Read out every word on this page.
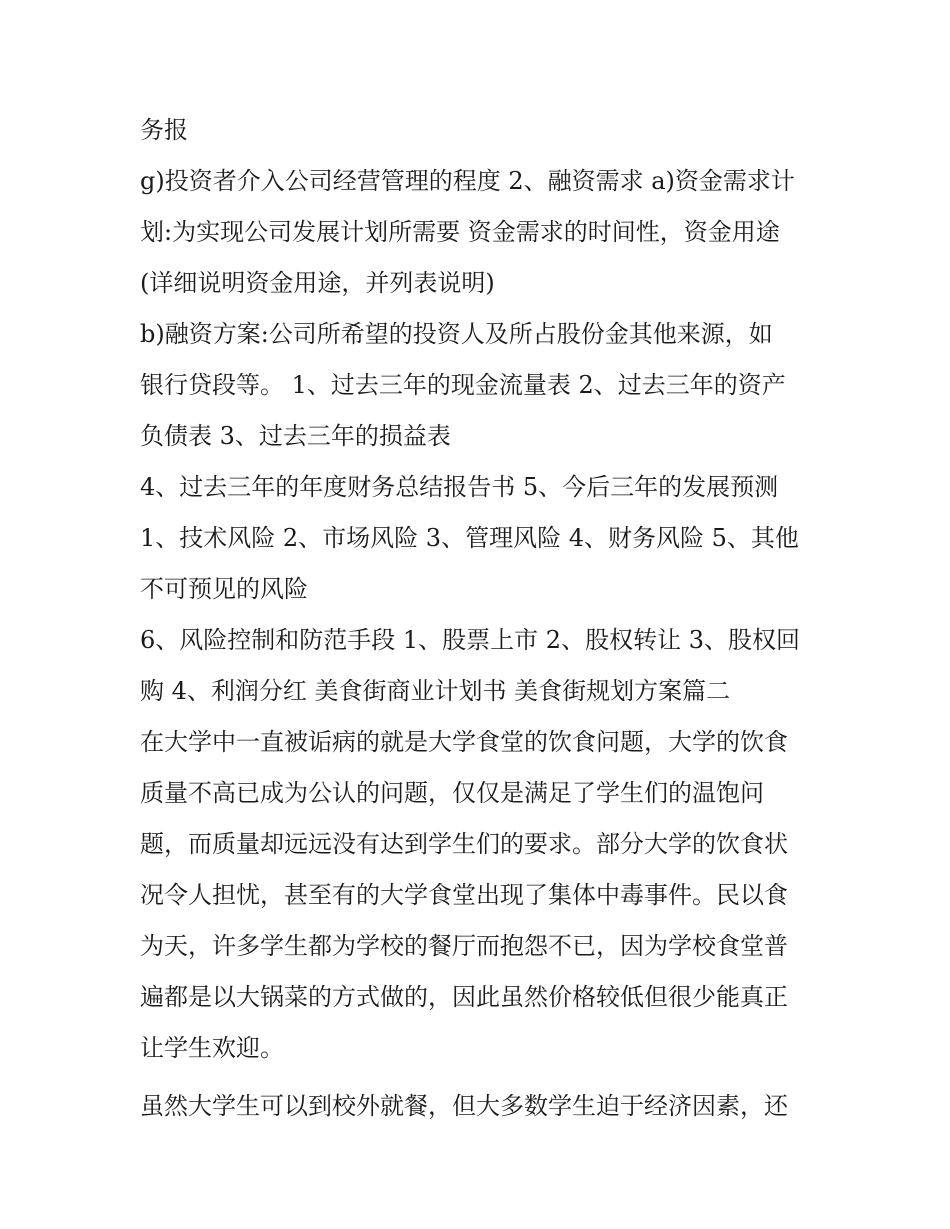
务报
g)投资者介入公司经营管理的程度 2、融资需求 a)资金需求计
划:为实现公司发展计划所需要 资金需求的时间性，资金用途
(详细说明资金用途，并列表说明)
b)融资方案:公司所希望的投资人及所占股份金其他来源，如
银行贷段等。 1、过去三年的现金流量表 2、过去三年的资产
负债表 3、过去三年的损益表
4、过去三年的年度财务总结报告书 5、今后三年的发展预测
1、技术风险 2、市场风险 3、管理风险 4、财务风险 5、其他
不可预见的风险
6、风险控制和防范手段 1、股票上市 2、股权转让 3、股权回
购 4、利润分红 美食街商业计划书 美食街规划方案篇二
在大学中一直被诟病的就是大学食堂的饮食问题，大学的饮食
质量不高已成为公认的问题，仅仅是满足了学生们的温饱问
题，而质量却远远没有达到学生们的要求。部分大学的饮食状
况令人担忧，甚至有的大学食堂出现了集体中毒事件。民以食
为天，许多学生都为学校的餐厅而抱怨不已，因为学校食堂普
遍都是以大锅菜的方式做的，因此虽然价格较低但很少能真正
让学生欢迎。
虽然大学生可以到校外就餐，但大多数学生迫于经济因素，还
